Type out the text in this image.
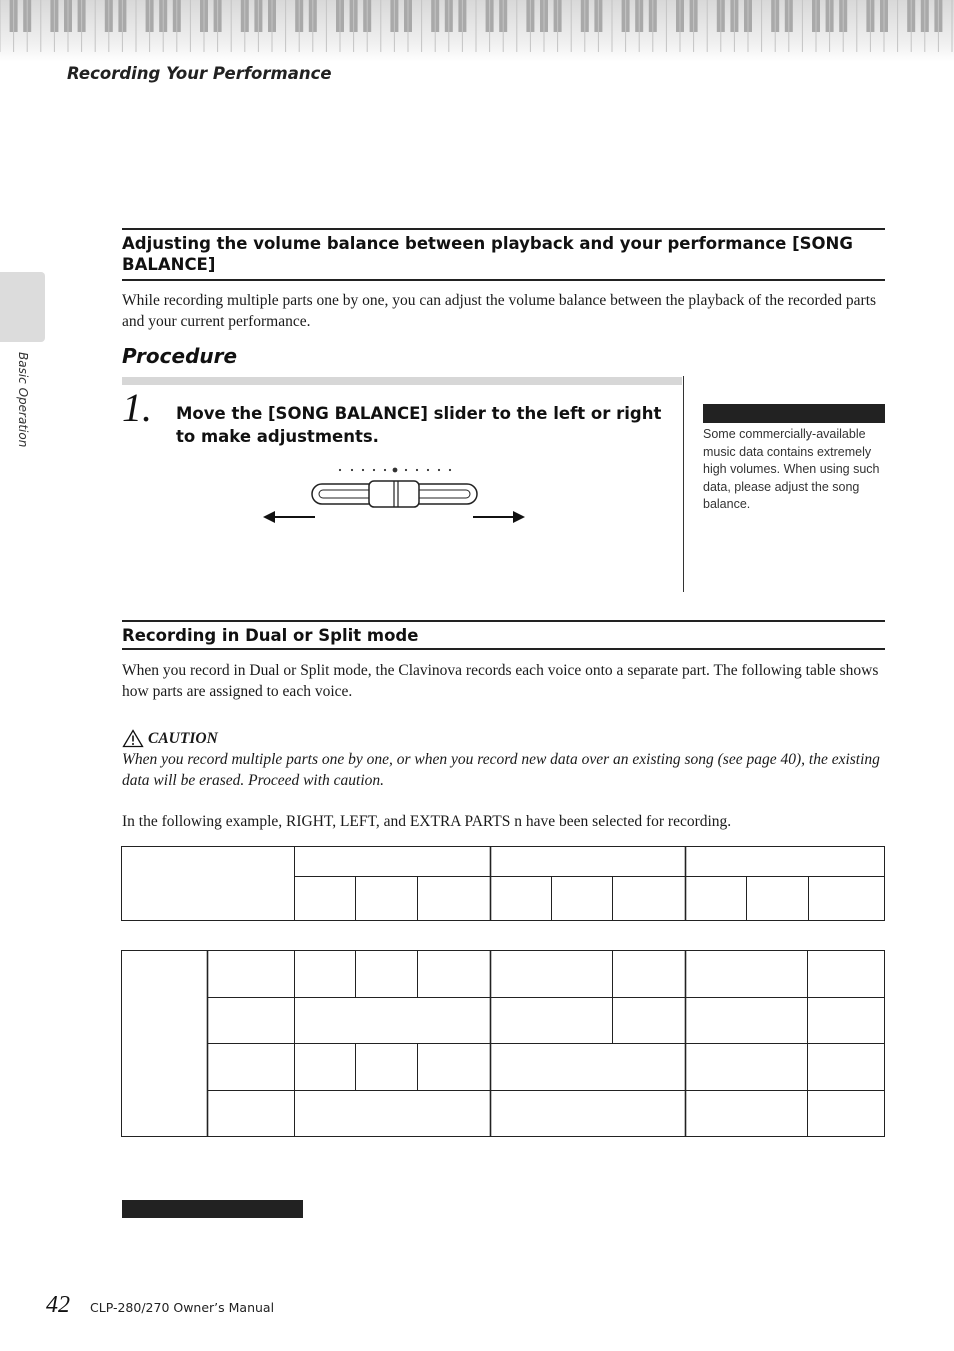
Recording Your Performance
Basic Operation
Adjusting the volume balance between playback and your performance [SONG BALANCE]
While recording multiple parts one by one, you can adjust the volume balance between the playback of the recorded parts and your current performance.
Procedure
1. Move the [SONG BALANCE] slider to the left or right to make adjustments.	Some commercially-available music data contains extremely high volumes. When using such data, please adjust the song balance.
Recording in Dual or Split mode
When you record in Dual or Split mode, the Clavinova records each voice onto a separate part. The following table shows how parts are assigned to each voice.
CAUTION
When you record multiple parts one by one, or when you record new data over an existing song (see page 40), the existing data will be erased. Proceed with caution.
In the following example, RIGHT, LEFT, and EXTRA PARTS n have been selected for recording.
42 CLP-280/270 Owner’s Manual
